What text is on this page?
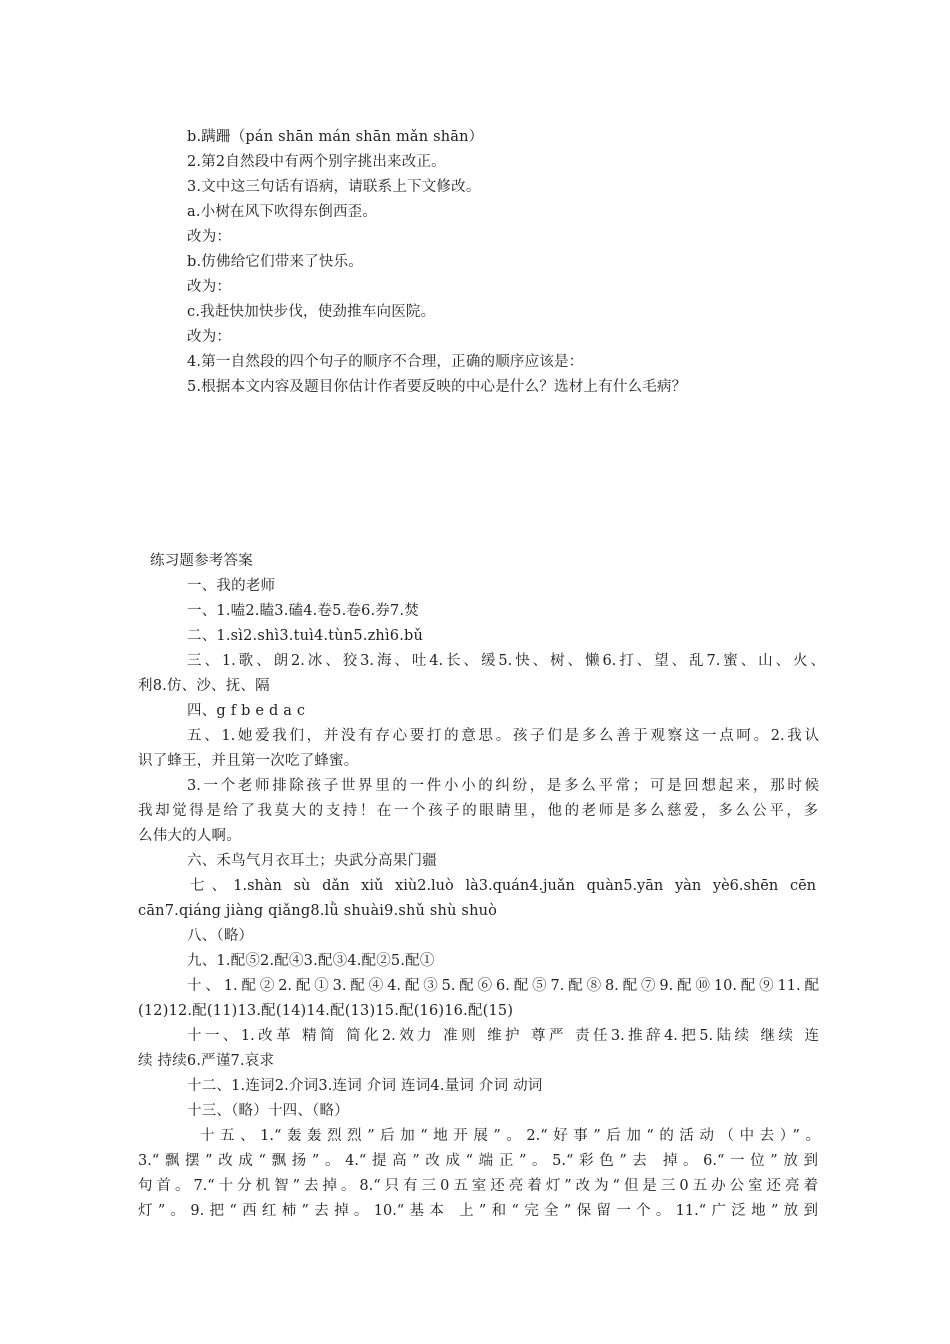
b.蹒跚（pán shān mán shān mǎn shān）
2.第2自然段中有两个别字挑出来改正。
3.文中这三句话有语病，请联系上下文修改。
a.小树在风下吹得东倒西歪。
改为：
b.仿佛给它们带来了快乐。
改为：
c.我赶快加快步伐，使劲推车向医院。
改为：
4.第一自然段的四个句子的顺序不合理，正确的顺序应该是：
5.根据本文内容及题目你估计作者要反映的中心是什么？选材上有什么毛病？
练习题参考答案
一、我的老师
一、1.嗑2.瞌3.磕4.卷5.卷6.券7.焚
二、1.sì2.shì3.tuì4.tùn5.zhì6.bǔ
三、1.歌、朗2.冰、狡3.海、吐4.长、缓5.快、树、懒6.打、望、乱7.蜜、山、火、
利8.仿、沙、抚、隔
四、g f b e d a c
五、1.她爱我们，并没有存心要打的意思。孩子们是多么善于观察这一点呵。2.我认
识了蜂王，并且第一次吃了蜂蜜。
3.一个老师排除孩子世界里的一件小小的纠纷，是多么平常；可是回想起来，那时候
我却觉得是给了我莫大的支持！在一个孩子的眼睛里，他的老师是多么慈爱，多么公平，多
么伟大的人啊。
六、禾鸟气月衣耳土；央武分高果门疆
七、1.shàn sù dǎn xiǔ xiù2.luò là3.quán4.juǎn quàn5.yān yàn yè6.shēn cēn
cān7.qiáng jiàng qiǎng8.lǜ shuài9.shǔ shù shuò
八、（略）
九、1.配⑤2.配④3.配③4.配②5.配①
十、1.配②2.配①3.配④4.配③5.配⑥6.配⑤7.配⑧8.配⑦9.配⑩10.配⑨11.配
(12)12.配(11)13.配(14)14.配(13)15.配(16)16.配(15)
十一、1.改革 精简 简化2.效力 准则 维护 尊严 责任3.推辞4.把5.陆续 继续 连
续 持续6.严谨7.哀求
十二、1.连词2.介词3.连词 介词 连词4.量词 介词 动词
十三、（略）十四、（略）
十五、1.“轰轰烈烈”后加“地开展”。2.“好事”后加“的活动（中去）”。
3.“飘摆”改成“飘扬”。4.“提高”改成“端正”。5.“彩色”去 掉。6.“一位”放到
句首。7.“十分机智”去掉。8.“只有三0五室还亮着灯”改为“但是三0五办公室还亮着
灯”。9.把“西红柿”去掉。10.“基本 上”和“完全”保留一个。11.“广泛地”放到
